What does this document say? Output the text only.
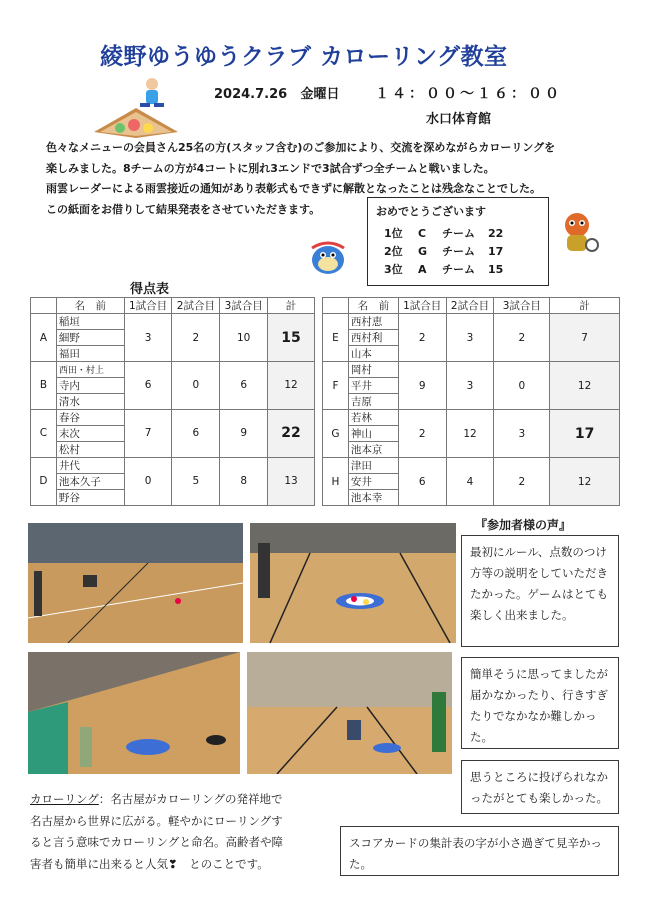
綾野ゆうゆうクラブ カローリング教室
2024.7.26 金曜日	１４：００～１６：００
水口体育館

色々なメニューの会員さん25名の方(スタッフ含む)のご参加により、交流を深めながらカローリングを

楽しみました。8チームの方が4コートに別れ3エンドで3試合ずつ全チームと戦いました。

雨雲レーダーによる雨雲接近の通知があり表彰式もできずに解散となったことは残念なことでした。

この紙面をお借りして結果発表をさせていただきます。	おめでとうございます
1位	C	チーム	22
2位	G	チーム	17
3位	A	チーム	15
得点表
	名　前	1試合目	2試合目	3試合目	計
A	稲垣	3	2	10	15
	細野				
	福田				
B	西田・村上	6	0	6	12
	寺内				
	清水				
C	春谷	7	6	9	22
	末次				
	松村				
D	井代	0	5	8	13
	池本久子				
	野谷				
	名　前	1試合目	2試合目	3試合目	計
E	西村恵	2	3	2	7
	西村利				
	山本				
F	岡村	9	3	0	12
	平井				
	吉原				
G	若林	2	12	3	17
	神山				
	池本京				
H	津田	6	4	2	12
	安井				
	池本幸				
『参加者様の声』
最初にルール、点数のつけ方等の説明をしていただきたかった。ゲームはとても楽しく出来ました。
簡単そうに思ってましたが届かなかったり、行きすぎたりでなかなか難しかった。
思うところに投げられなかったがとても楽しかった。
スコアカードの集計表の字が小さ過ぎて見辛かった。
カローリング：名古屋がカローリングの発祥地で名古屋から世界に広がる。軽やかにローリングすると言う意味でカローリングと命名。高齢者や障害者も簡単に出来ると人気❣　とのことです。
